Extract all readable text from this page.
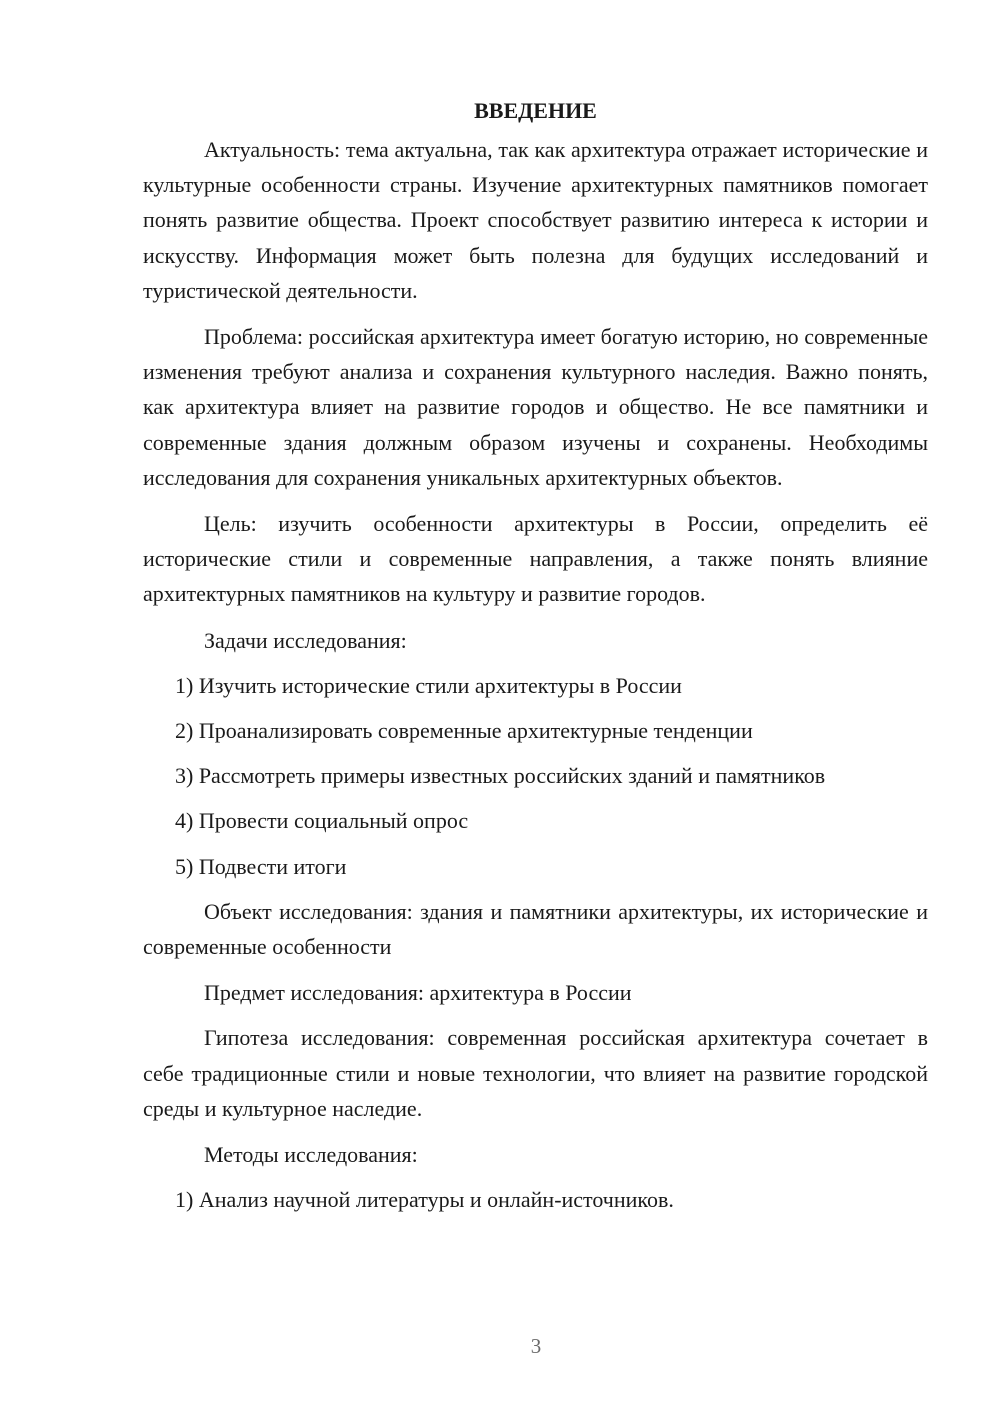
ВВЕДЕНИЕ

Актуальность: тема актуальна, так как архитектура отражает исторические и культурные особенности страны. Изучение архитектурных памятников помогает понять развитие общества. Проект способствует развитию интереса к истории и искусству. Информация может быть полезна для будущих исследований и туристической деятельности.

Проблема: российская архитектура имеет богатую историю, но современные изменения требуют анализа и сохранения культурного наследия. Важно понять, как архитектура влияет на развитие городов и общество. Не все памятники и современные здания должным образом изучены и сохранены. Необходимы исследования для сохранения уникальных архитектурных объектов.

Цель: изучить особенности архитектуры в России, определить её исторические стили и современные направления, а также понять влияние архитектурных памятников на культуру и развитие городов.

Задачи исследования:

1) Изучить исторические стили архитектуры в России
2) Проанализировать современные архитектурные тенденции
3) Рассмотреть примеры известных российских зданий и памятников
4) Провести социальный опрос
5) Подвести итоги

Объект исследования: здания и памятники архитектуры, их исторические и современные особенности

Предмет исследования: архитектура в России

Гипотеза исследования: современная российская архитектура сочетает в себе традиционные стили и новые технологии, что влияет на развитие городской среды и культурное наследие.

Методы исследования:

1) Анализ научной литературы и онлайн-источников.
3
